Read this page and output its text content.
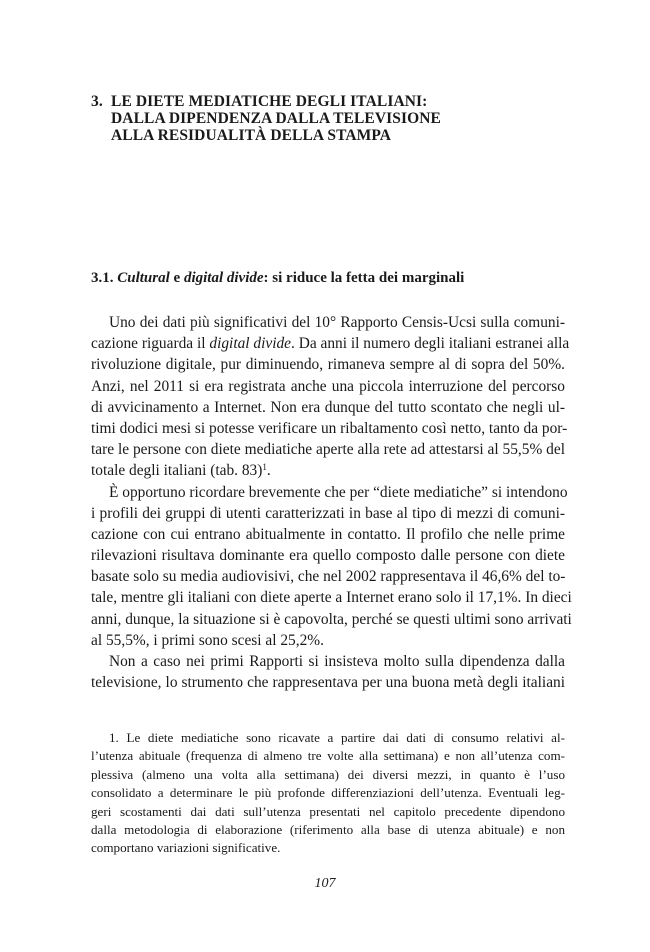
3. LE DIETE MEDIATICHE DEGLI ITALIANI:
DALLA DIPENDENZA DALLA TELEVISIONE
ALLA RESIDUALITÀ DELLA STAMPA
3.1. Cultural e digital divide: si riduce la fetta dei marginali
Uno dei dati più significativi del 10° Rapporto Censis-Ucsi sulla comuni-
cazione riguarda il digital divide. Da anni il numero degli italiani estranei alla
rivoluzione digitale, pur diminuendo, rimaneva sempre al di sopra del 50%.
Anzi, nel 2011 si era registrata anche una piccola interruzione del percorso
di avvicinamento a Internet. Non era dunque del tutto scontato che negli ul-
timi dodici mesi si potesse verificare un ribaltamento così netto, tanto da por-
tare le persone con diete mediatiche aperte alla rete ad attestarsi al 55,5% del
totale degli italiani (tab. 83)$^1$.
È opportuno ricordare brevemente che per “diete mediatiche” si intendono
i profili dei gruppi di utenti caratterizzati in base al tipo di mezzi di comuni-
cazione con cui entrano abitualmente in contatto. Il profilo che nelle prime
rilevazioni risultava dominante era quello composto dalle persone con diete
basate solo su media audiovisivi, che nel 2002 rappresentava il 46,6% del to-
tale, mentre gli italiani con diete aperte a Internet erano solo il 17,1%. In dieci
anni, dunque, la situazione si è capovolta, perché se questi ultimi sono arrivati
al 55,5%, i primi sono scesi al 25,2%.
Non a caso nei primi Rapporti si insisteva molto sulla dipendenza dalla
televisione, lo strumento che rappresentava per una buona metà degli italiani
1. Le diete mediatiche sono ricavate a partire dai dati di consumo relativi al-
l’utenza abituale (frequenza di almeno tre volte alla settimana) e non all’utenza com-
plessiva (almeno una volta alla settimana) dei diversi mezzi, in quanto è l’uso
consolidato a determinare le più profonde differenziazioni dell’utenza. Eventuali leg-
geri scostamenti dai dati sull’utenza presentati nel capitolo precedente dipendono
dalla metodologia di elaborazione (riferimento alla base di utenza abituale) e non
comportano variazioni significative.
107
